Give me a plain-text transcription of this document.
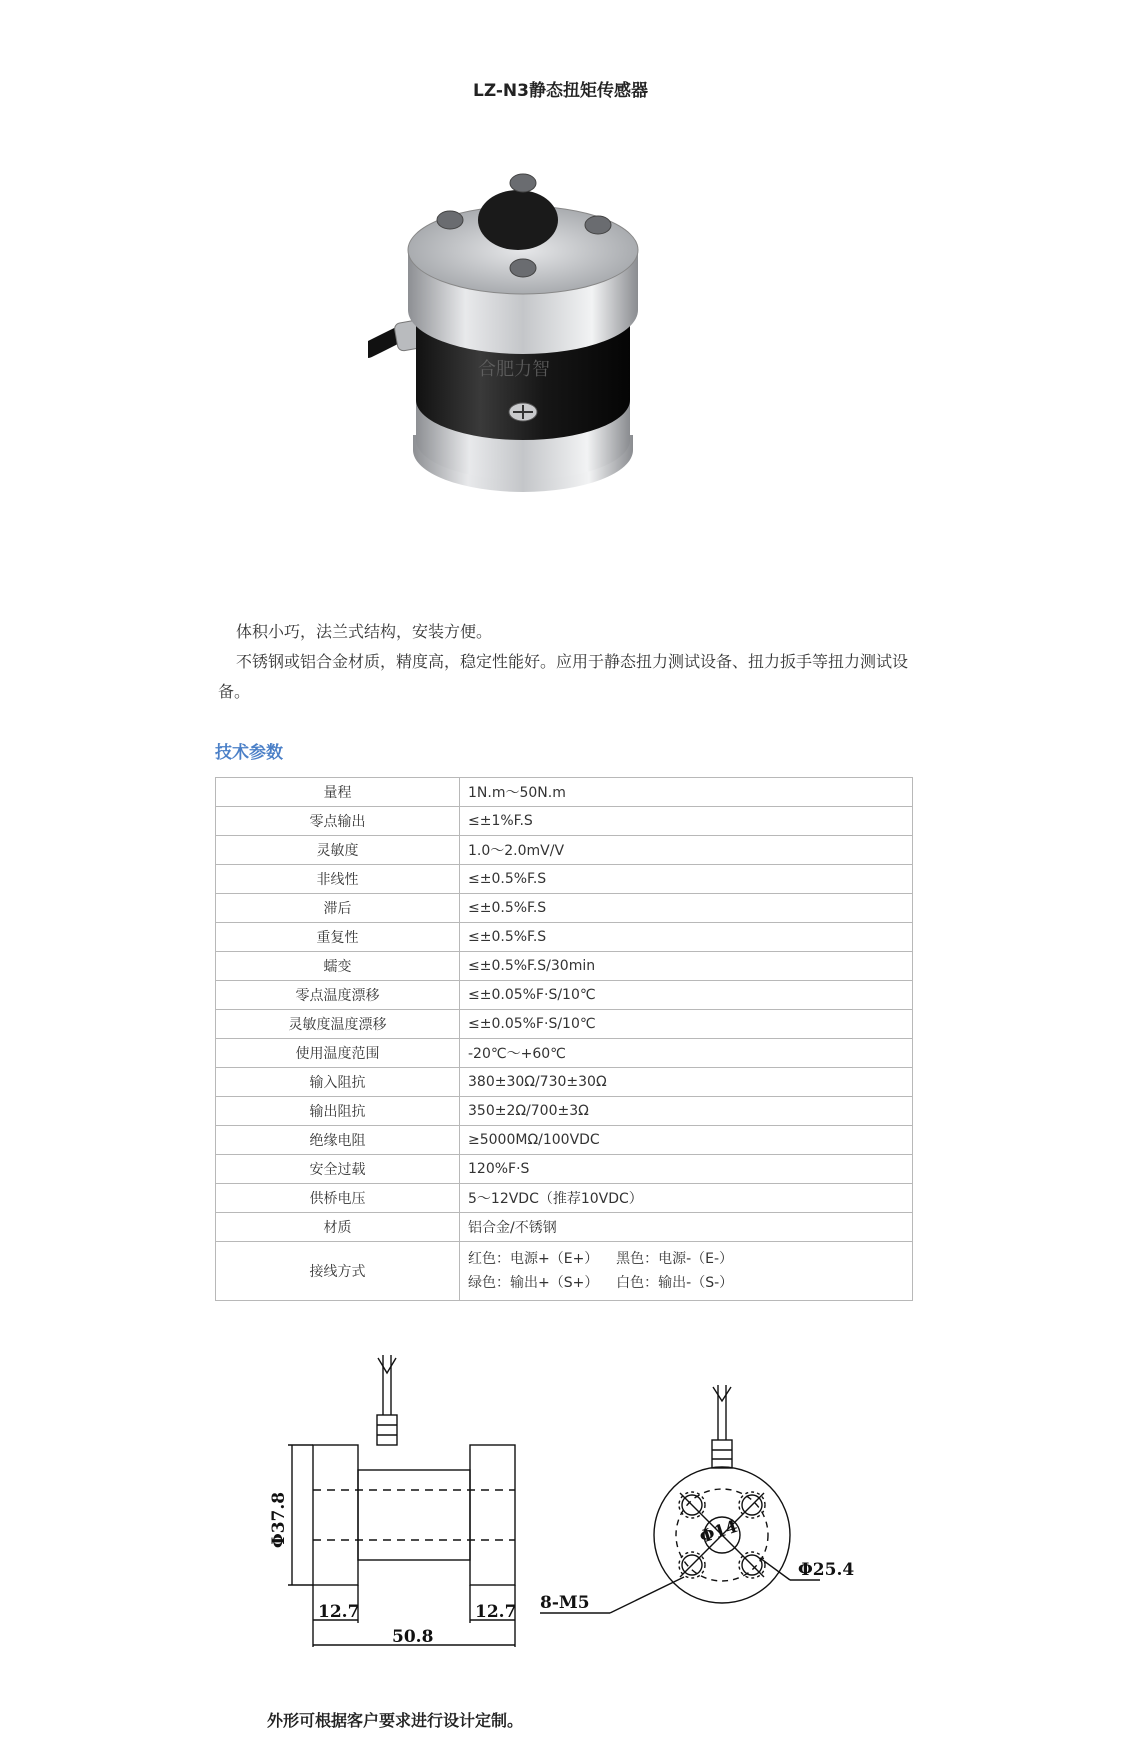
LZ-N3静态扭矩传感器
合肥力智

体积小巧，法兰式结构，安装方便。

不锈钢或铝合金材质，精度高，稳定性能好。应用于静态扭力测试设备、扭力扳手等扭力测试设备。

技术参数
量程	1N.m～50N.m
零点输出	≤±1%F.S
灵敏度	1.0～2.0mV/V
非线性	≤±0.5%F.S
滞后	≤±0.5%F.S
重复性	≤±0.5%F.S
蠕变	≤±0.5%F.S/30min
零点温度漂移	≤±0.05%F·S/10℃
灵敏度温度漂移	≤±0.05%F·S/10℃
使用温度范围	-20℃～+60℃
输入阻抗	380±30Ω/730±30Ω
输出阻抗	350±2Ω/700±3Ω
绝缘电阻	≥5000MΩ/100VDC
安全过载	120%F·S
供桥电压	5～12VDC（推荐10VDC）
材质	铝合金/不锈钢
接线方式	红色：电源+（E+）    黑色：电源-（E-）
绿色：输出+（S+）    白色：输出-（S-）
Φ37.8
12.7	12.7
50.8
Φ14
Φ25.4
8-M5
外形可根据客户要求进行设计定制。
